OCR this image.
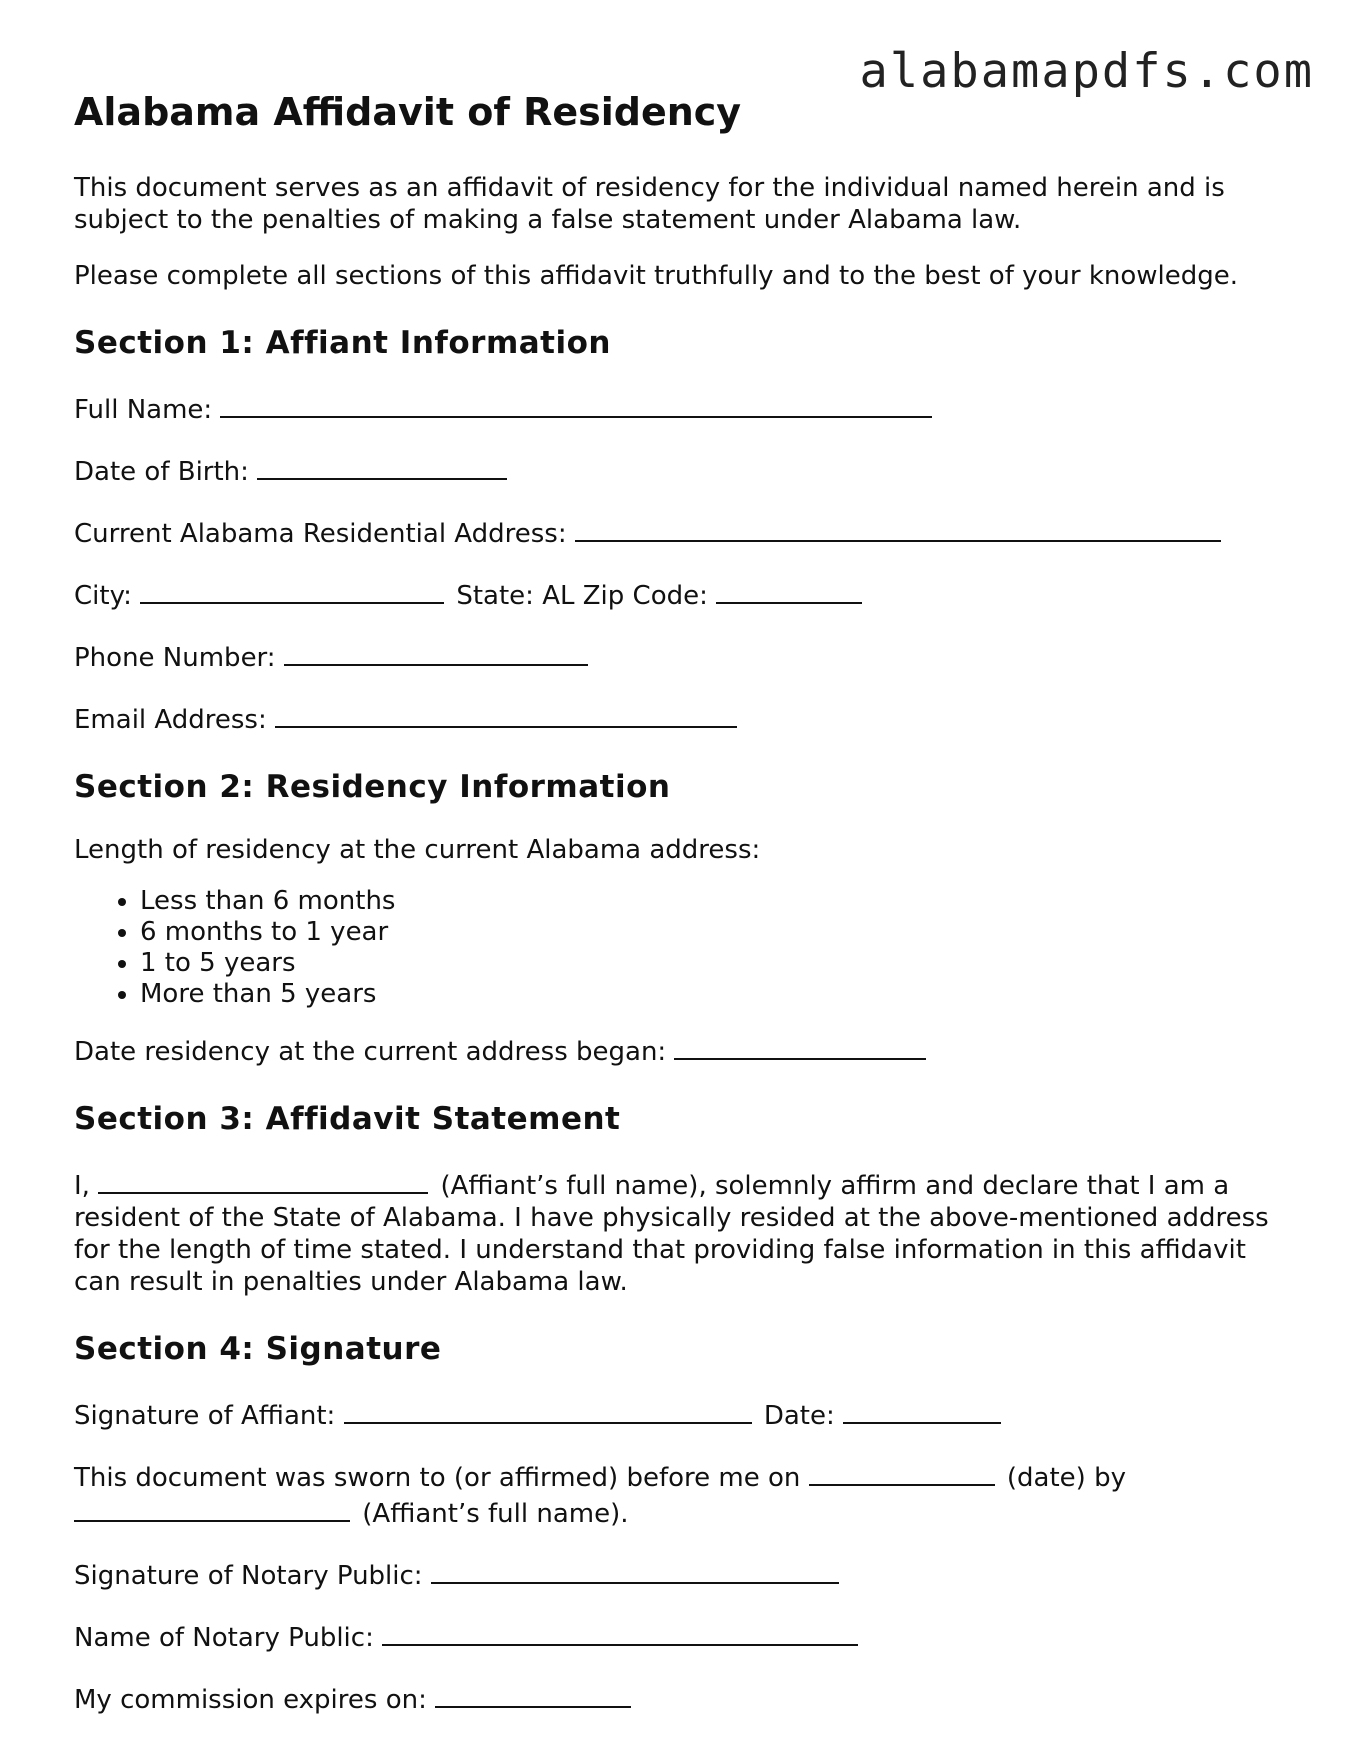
alabamapdfs.com
Alabama Affidavit of Residency

This document serves as an affidavit of residency for the individual named herein and is subject to the penalties of making a false statement under Alabama law.

Please complete all sections of this affidavit truthfully and to the best of your knowledge.

Section 1: Affiant Information
Full Name:
Date of Birth:
Current Alabama Residential Address:
City:	State: AL Zip Code:
Phone Number:
Email Address:
Section 2: Residency Information

Length of residency at the current Alabama address:

• Less than 6 months
• 6 months to 1 year
• 1 to 5 years
• More than 5 years
Date residency at the current address began:
Section 3: Affidavit Statement
I,	(Affiant’s full name), solemnly affirm and declare that I am a resident of the State of Alabama. I have physically resided at the above-mentioned address for the length of time stated. I understand that providing false information in this affidavit can result in penalties under Alabama law.
Section 4: Signature
Signature of Affiant:	Date:
This document was sworn to (or affirmed) before me on	(date) by  (Affiant’s full name).
Signature of Notary Public:
Name of Notary Public:
My commission expires on:
